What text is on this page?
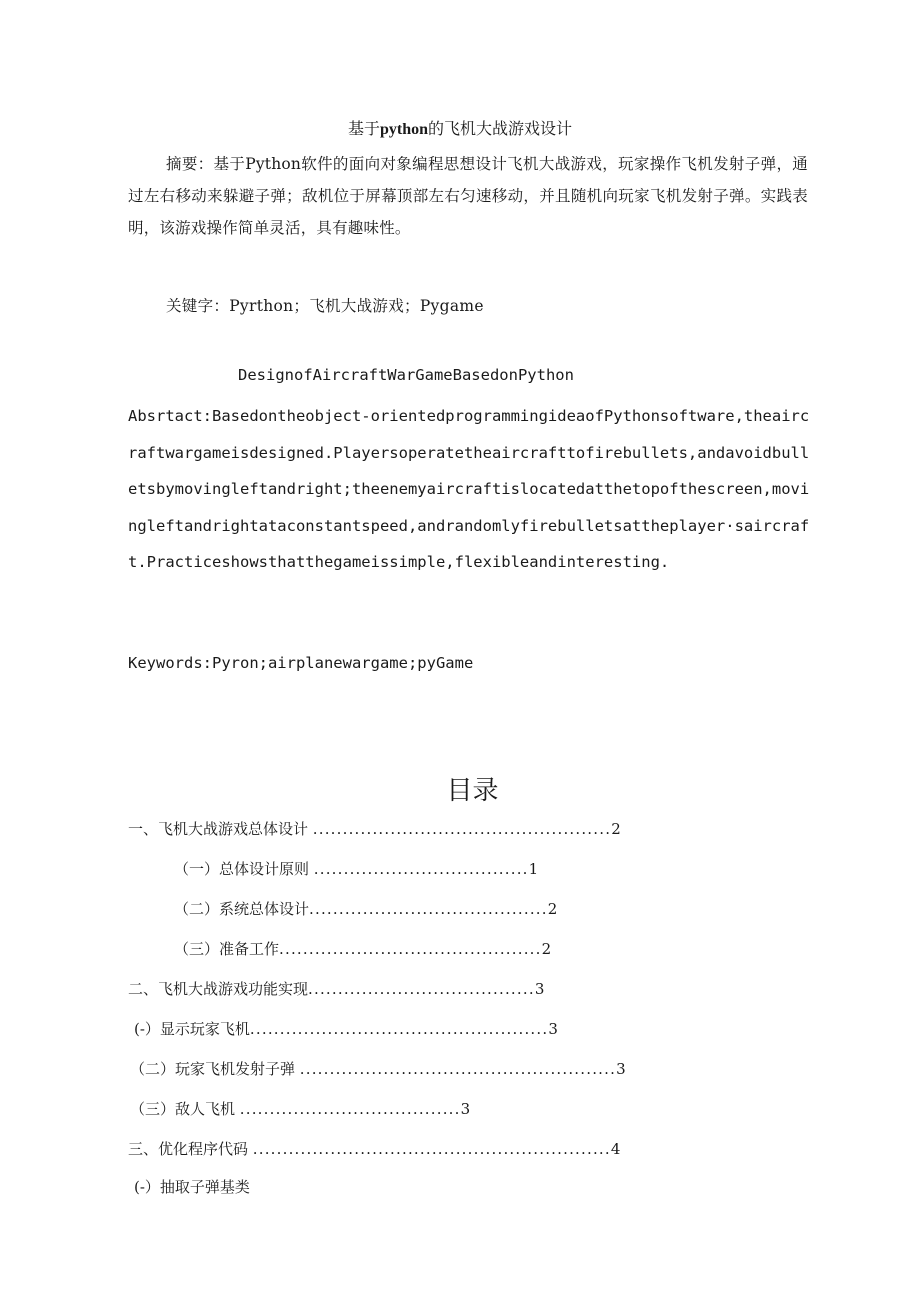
基于python的飞机大战游戏设计
摘要：基于Python软件的面向对象编程思想设计飞机大战游戏，玩家操作飞机发射子弹，通过左右移动来躲避子弹；敌机位于屏幕顶部左右匀速移动，并且随机向玩家飞机发射子弹。实践表明，该游戏操作简单灵活，具有趣味性。
关键字：Pyrthon；飞机大战游戏；Pygame
DesignofAircraftWarGameBasedonPython
Absrtact:Basedontheobject-orientedprogrammingideaofPythonsoftware,theaircraftwargameisdesigned.Playersoperatetheaircrafttofirebullets,andavoidbulletsbymovingleftandright;theenemyaircraftislocatedatthetopofthescreen,movingleftandrightataconstantspeed,andrandomlyfirebulletsattheplayer·saircraft.Practiceshowsthatthegameissimple,flexibleandinteresting.
Keywords:Pyron;airplanewargame;pyGame
目录
一、飞机大战游戏总体设计 ..................................................2
（一）总体设计原则 ....................................1
（二）系统总体设计........................................2
（三）准备工作............................................2
二、飞机大战游戏功能实现......................................3
(-）显示玩家飞机..................................................3
（二）玩家飞机发射子弹 .....................................................3
（三）敌人飞机 .....................................3
三、优化程序代码 ............................................................4
(-）抽取子弹基类
